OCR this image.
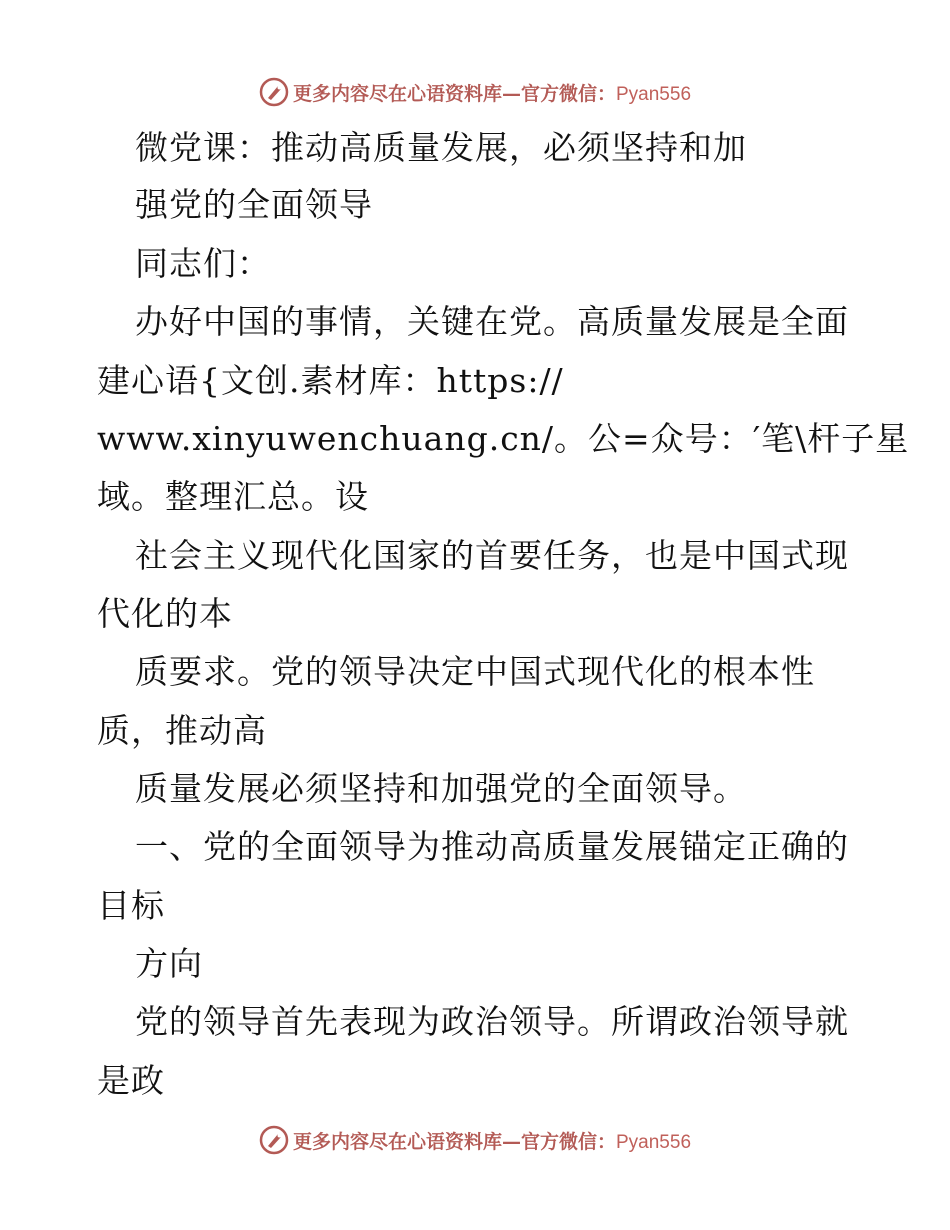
更多内容尽在心语资料库—官方微信：Pyan556
微党课：推动高质量发展，必须坚持和加
强党的全面领导
同志们：
办好中国的事情，关键在党。高质量发展是全面
建心语{文创.素材库：https://
www.xinyuwenchuang.cn/。公=众号：′笔\杆子星
域。整理汇总。设
社会主义现代化国家的首要任务，也是中国式现
代化的本
质要求。党的领导决定中国式现代化的根本性
质，推动高
质量发展必须坚持和加强党的全面领导。
一、党的全面领导为推动高质量发展锚定正确的
目标
方向
党的领导首先表现为政治领导。所谓政治领导就
是政
更多内容尽在心语资料库—官方微信：Pyan556
